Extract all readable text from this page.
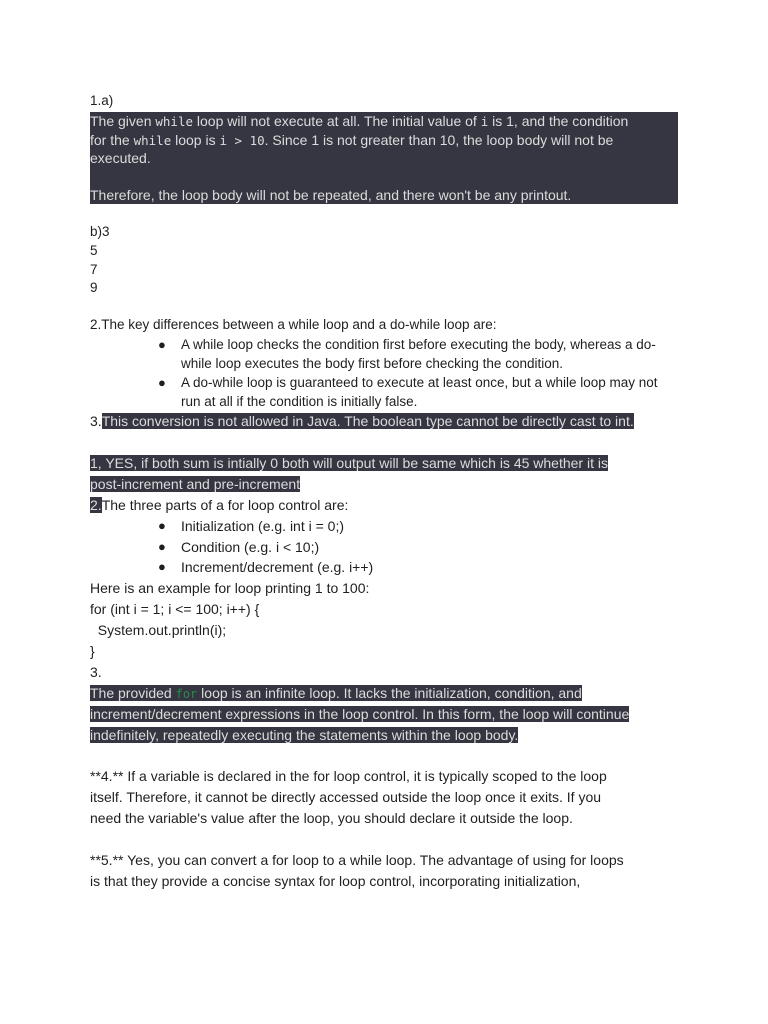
1.a)
The given while loop will not execute at all. The initial value of i is 1, and the condition
for the while loop is i > 10. Since 1 is not greater than 10, the loop body will not be
executed.
Therefore, the loop body will not be repeated, and there won't be any printout.
b)3
5
7
9
2.The key differences between a while loop and a do-while loop are:
● A while loop checks the condition first before executing the body, whereas a do-
while loop executes the body first before checking the condition.
● A do-while loop is guaranteed to execute at least once, but a while loop may not
run at all if the condition is initially false.
3.This conversion is not allowed in Java. The boolean type cannot be directly cast to int.
1, YES, if both sum is intially 0 both will output will be same which is 45 whether it is
post-increment and pre-increment
2.The three parts of a for loop control are:
● Initialization (e.g. int i = 0;)
● Condition (e.g. i < 10;)
● Increment/decrement (e.g. i++)
Here is an example for loop printing 1 to 100:
for (int i = 1; i <= 100; i++) {
System.out.println(i);
}
3.
The provided for loop is an infinite loop. It lacks the initialization, condition, and
increment/decrement expressions in the loop control. In this form, the loop will continue
indefinitely, repeatedly executing the statements within the loop body.
**4.** If a variable is declared in the for loop control, it is typically scoped to the loop
itself. Therefore, it cannot be directly accessed outside the loop once it exits. If you
need the variable's value after the loop, you should declare it outside the loop.
**5.** Yes, you can convert a for loop to a while loop. The advantage of using for loops
is that they provide a concise syntax for loop control, incorporating initialization,
